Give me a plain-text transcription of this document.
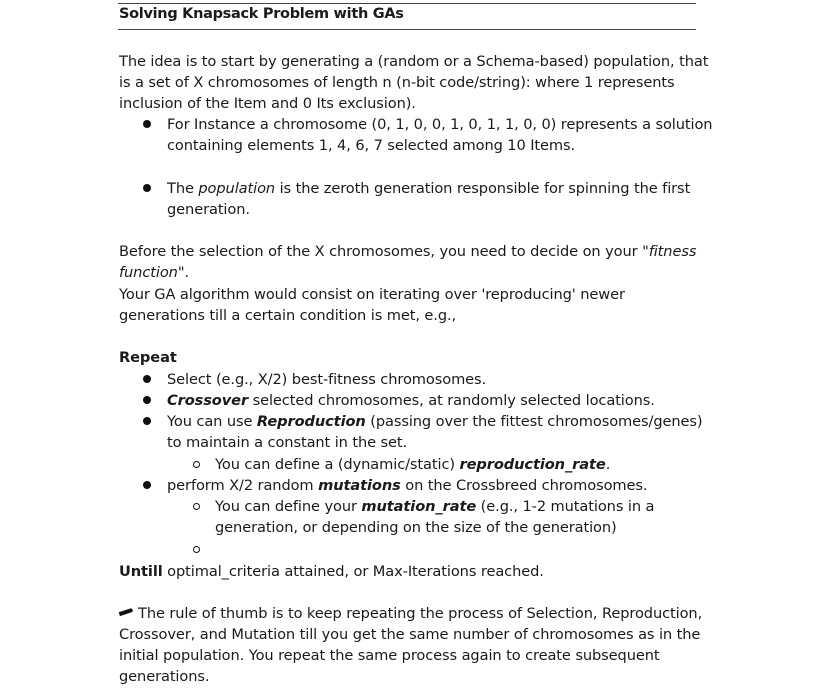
Solving Knapsack Problem with GAs
The idea is to start by generating a (random or a Schema-based) population, that
is a set of X chromosomes of length n (n-bit code/string): where 1 represents
inclusion of the Item and 0 Its exclusion).
For Instance a chromosome (0, 1, 0, 0, 1, 0, 1, 1, 0, 0) represents a solution
containing elements 1, 4, 6, 7 selected among 10 Items.
The population is the zeroth generation responsible for spinning the first
generation.
Before the selection of the X chromosomes, you need to decide on your "fitness
function".
Your GA algorithm would consist on iterating over 'reproducing' newer
generations till a certain condition is met, e.g.,
Repeat
Select (e.g., X/2) best-fitness chromosomes.
Crossover selected chromosomes, at randomly selected locations.
You can use Reproduction (passing over the fittest chromosomes/genes)
to maintain a constant in the set.
You can define a (dynamic/static) reproduction_rate.
perform X/2 random mutations on the Crossbreed chromosomes.
You can define your mutation_rate (e.g., 1-2 mutations in a
generation, or depending on the size of the generation)
Untill optimal_criteria attained, or Max-Iterations reached.
The rule of thumb is to keep repeating the process of Selection, Reproduction,
Crossover, and Mutation till you get the same number of chromosomes as in the
initial population. You repeat the same process again to create subsequent
generations.
